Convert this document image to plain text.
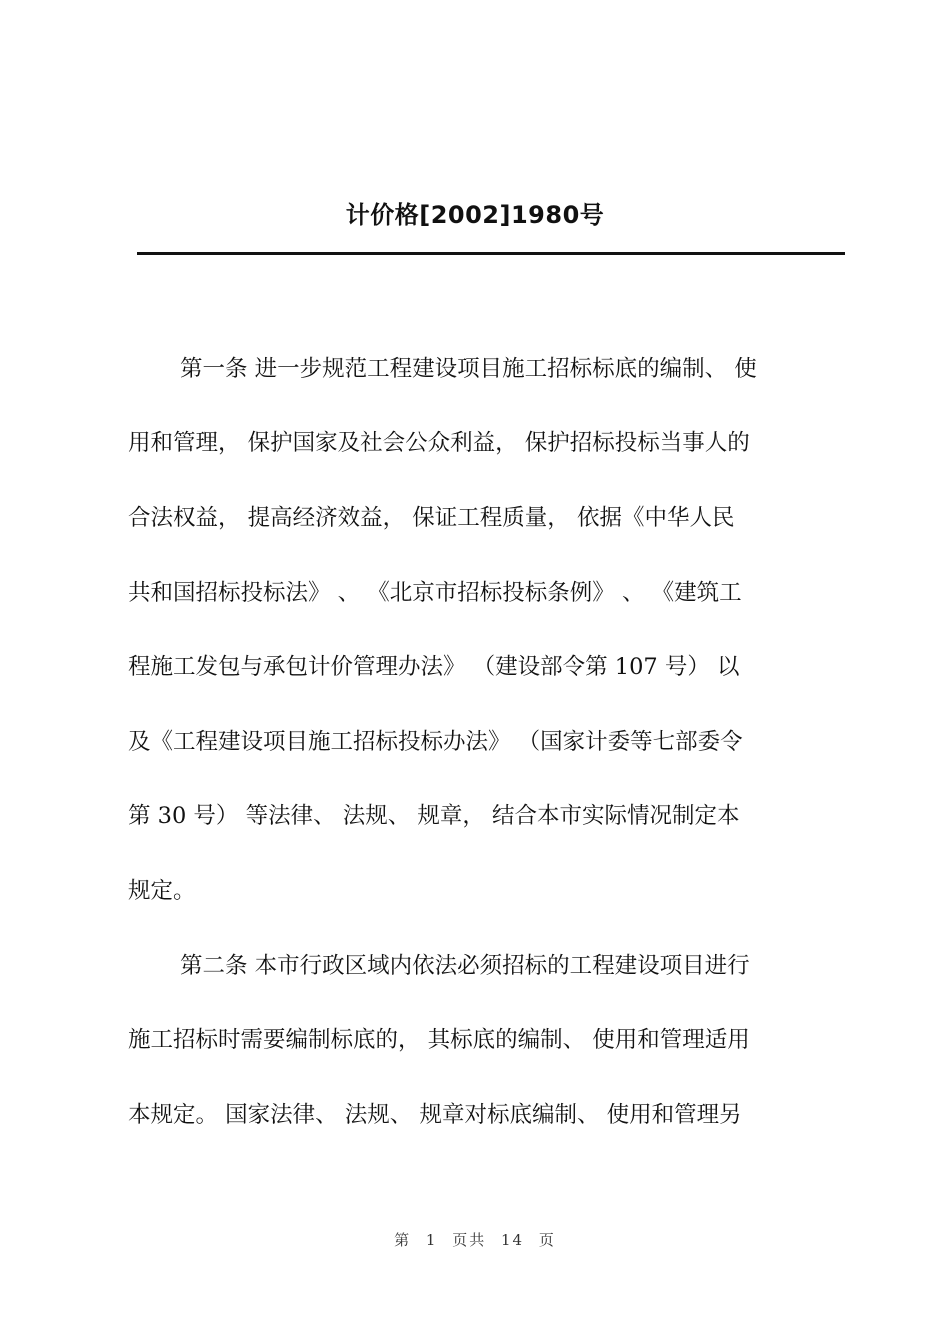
计价格[2002]1980号
第一条 进一步规范工程建设项目施工招标标底的编制、 使
用和管理， 保护国家及社会公众利益， 保护招标投标当事人的
合法权益， 提高经济效益， 保证工程质量， 依据《中华人民
共和国招标投标法》 、 《北京市招标投标条例》 、 《建筑工
程施工发包与承包计价管理办法》 （建设部令第 107 号） 以
及《工程建设项目施工招标投标办法》 （国家计委等七部委令
第 30 号） 等法律、 法规、 规章， 结合本市实际情况制定本
规定。
第二条 本市行政区域内依法必须招标的工程建设项目进行
施工招标时需要编制标底的， 其标底的编制、 使用和管理适用
本规定。 国家法律、 法规、 规章对标底编制、 使用和管理另
第 1 页共 14 页
